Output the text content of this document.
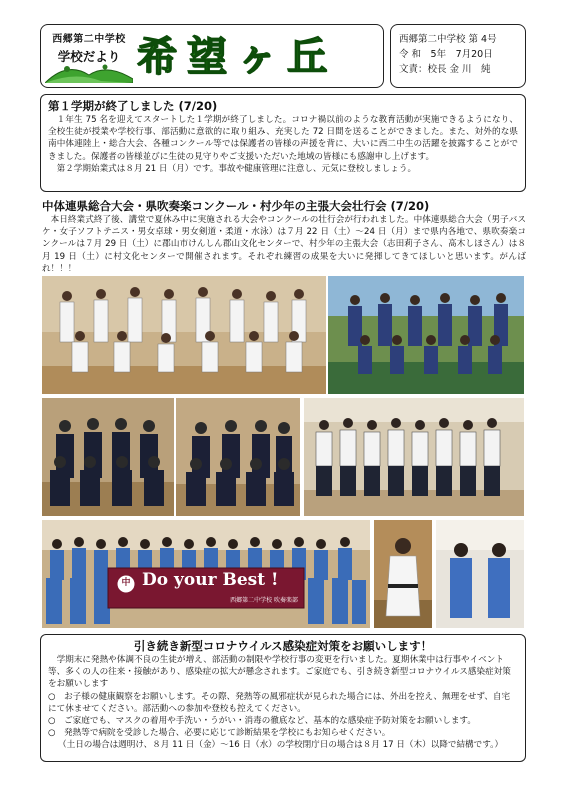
西郷第二中学校
学校だより 希望ヶ丘	西郷第二中学校 第 4号
令 和　5年　7月20日
文責：校長 金 川　純
第１学期が終了しました (7/20)

１年生 75 名を迎えてスタートした１学期が終了しました。コロナ禍以前のような教育活動が実施できるようになり、全校生徒が授業や学校行事、部活動に意欲的に取り組み、充実した 72 日間を送ることができました。また、対外的な県南中体連陸上・総合大会、各種コンクール等では保護者の皆様の声援を背に、大いに西二中生の活躍を披露することができました。保護者の皆様並びに生徒の見守りやご支援いただいた地域の皆様にも感謝申し上げます。

第２学期始業式は８月 21 日（月）です。事故や健康管理に注意し、元気に登校しましょう。

中体連県総合大会・県吹奏楽コンクール・村少年の主張大会壮行会 (7/20)

本日終業式終了後、講堂で夏休み中に実施される大会やコンクールの壮行会が行われました。中体連県総合大会（男子バスケ・女子ソフトテニス・男女卓球・男女剣道・柔道・水泳）は７月 22 日（土）～24 日（月）まで県内各地で、県吹奏楽コンクールは７月 29 日（土）に郡山市けんしん郡山文化センターで、村少年の主張大会（志田莉子さん、髙木しほさん）は８月 19 日（土）に村文化センターで開催されます。それぞれ練習の成果を大いに発揮してきてほしいと思います。がんばれ！！！

中 Do your Best !
西郷第二中学校 吹奏楽部
引き続き新型コロナウイルス感染症対策をお願いします！

学期末に発熱や体調不良の生徒が増え、部活動の制限や学校行事の変更を行いました。夏期休業中は行事やイベント等、多くの人の往来・接触があり、感染症の拡大が懸念されます。ご家庭でも、引き続き新型コロナウイルス感染症対策をお願いします

○　お子様の健康観察をお願いします。その際、発熱等の風邪症状が見られた場合には、外出を控え、無理をせず、自宅にて休ませてください。部活動への参加や登校も控えてください。

○　ご家庭でも、マスクの着用や手洗い・うがい・消毒の徹底など、基本的な感染症予防対策をお願いします。

○　発熱等で病院を受診した場合、必要に応じて診断結果を学校にもお知らせください。

（土日の場合は週明け、８月 11 日（金）～16 日（水）の学校閉庁日の場合は８月 17 日（木）以降で結構です。）
